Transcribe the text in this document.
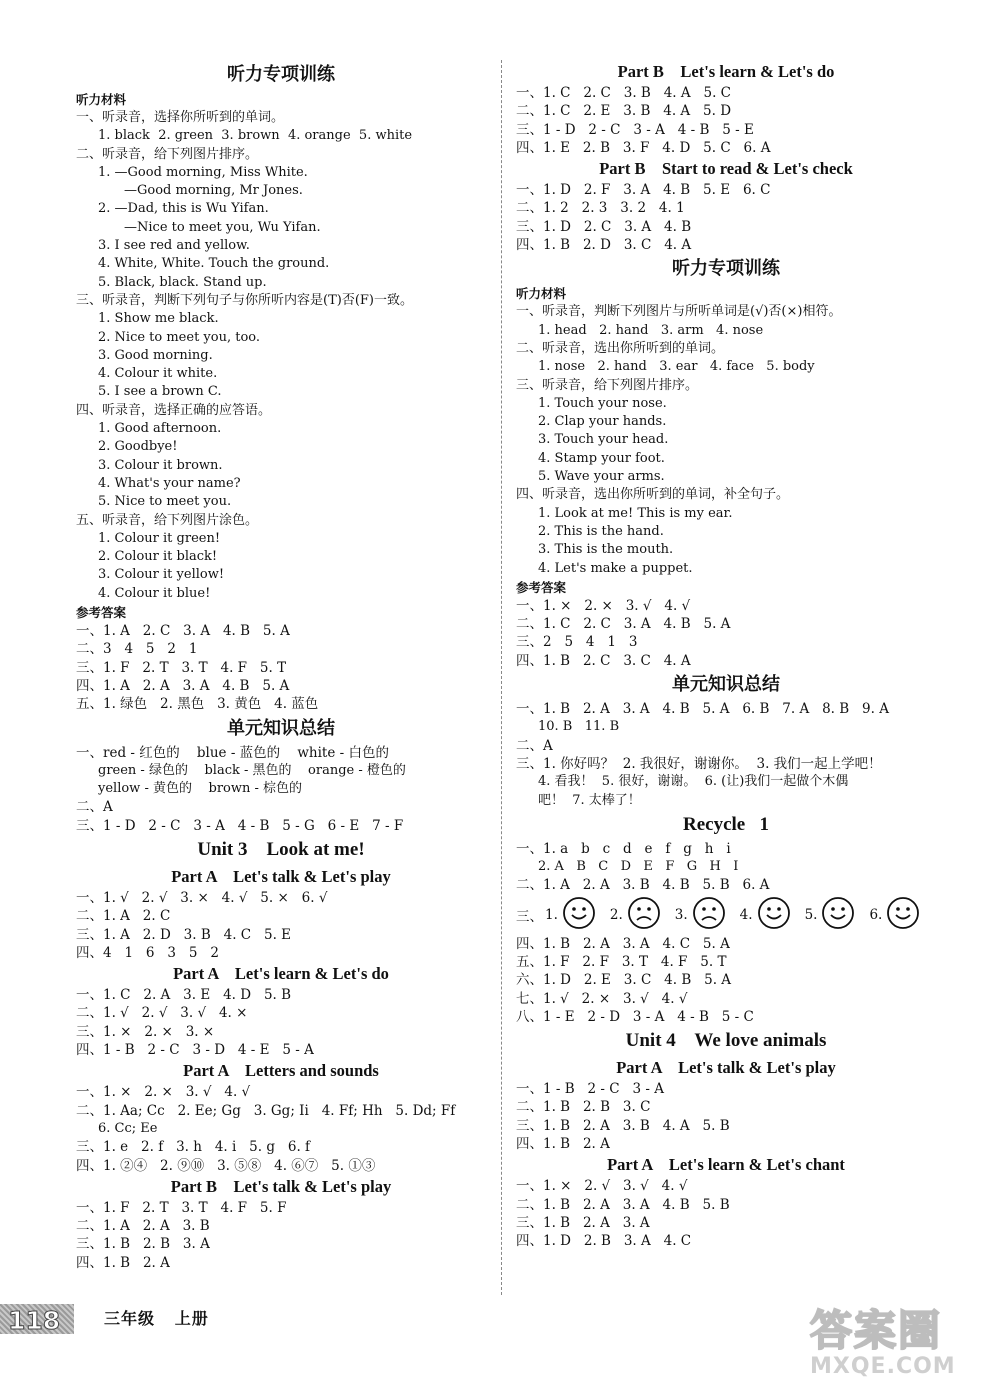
听力专项训练
听力材料
一、听录音，选择你所听到的单词。
1. black  2. green  3. brown  4. orange  5. white
二、听录音，给下列图片排序。
1. —Good morning, Miss White.
—Good morning, Mr Jones.
2. —Dad, this is Wu Yifan.
—Nice to meet you, Wu Yifan.
3. I see red and yellow.
4. White, White. Touch the ground.
5. Black, black. Stand up.
三、听录音，判断下列句子与你所听内容是(T)否(F)一致。
1. Show me black.
2. Nice to meet you, too.
3. Good morning.
4. Colour it white.
5. I see a brown C.
四、听录音，选择正确的应答语。
1. Good afternoon.
2. Goodbye!
3. Colour it brown.
4. What's your name?
5. Nice to meet you.
五、听录音，给下列图片涂色。
1. Colour it green!
2. Colour it black!
3. Colour it yellow!
4. Colour it blue!
参考答案
一、1. A   2. C   3. A   4. B   5. A
二、3   4   5   2   1
三、1. F   2. T   3. T   4. F   5. T
四、1. A   2. A   3. A   4. B   5. A
五、1. 绿色   2. 黑色   3. 黄色   4. 蓝色
单元知识总结
一、red - 红色的    blue - 蓝色的    white - 白色的
green - 绿色的    black - 黑色的    orange - 橙色的
yellow - 黄色的    brown - 棕色的
二、A
三、1 - D   2 - C   3 - A   4 - B   5 - G   6 - E   7 - F
Unit 3    Look at me!
Part A    Let's talk & Let's play
一、1. √   2. √   3. ×   4. √   5. ×   6. √
二、1. A   2. C
三、1. A   2. D   3. B   4. C   5. E
四、4   1   6   3   5   2
Part A    Let's learn & Let's do
一、1. C   2. A   3. E   4. D   5. B
二、1. √   2. √   3. √   4. ×
三、1. ×   2. ×   3. ×
四、1 - B   2 - C   3 - D   4 - E   5 - A
Part A    Letters and sounds
一、1. ×   2. ×   3. √   4. √
二、1. Aa; Cc   2. Ee; Gg   3. Gg; Ii   4. Ff; Hh   5. Dd; Ff
6. Cc; Ee
三、1. e   2. f   3. h   4. i   5. g   6. f
四、1. ②④   2. ⑨⑩   3. ⑤⑧   4. ⑥⑦   5. ①③
Part B    Let's talk & Let's play
一、1. F   2. T   3. T   4. F   5. F
二、1. A   2. A   3. B
三、1. B   2. B   3. A
四、1. B   2. A
Part B    Let's learn & Let's do
一、1. C   2. C   3. B   4. A   5. C
二、1. C   2. E   3. B   4. A   5. D
三、1 - D   2 - C   3 - A   4 - B   5 - E
四、1. E   2. B   3. F   4. D   5. C   6. A
Part B    Start to read & Let's check
一、1. D   2. F   3. A   4. B   5. E   6. C
二、1. 2   2. 3   3. 2   4. 1
三、1. D   2. C   3. A   4. B
四、1. B   2. D   3. C   4. A
听力专项训练
听力材料
一、听录音，判断下列图片与所听单词是(√)否(×)相符。
1. head   2. hand   3. arm   4. nose
二、听录音，选出你所听到的单词。
1. nose   2. hand   3. ear   4. face   5. body
三、听录音，给下列图片排序。
1. Touch your nose.
2. Clap your hands.
3. Touch your head.
4. Stamp your foot.
5. Wave your arms.
四、听录音，选出你所听到的单词，补全句子。
1. Look at me! This is my ear.
2. This is the hand.
3. This is the mouth.
4. Let's make a puppet.
参考答案
一、1. ×   2. ×   3. √   4. √
二、1. C   2. C   3. A   4. B   5. A
三、2   5   4   1   3
四、1. B   2. C   3. C   4. A
单元知识总结
一、1. B   2. A   3. A   4. B   5. A   6. B   7. A   8. B   9. A
10. B   11. B
二、A
三、1. 你好吗？  2. 我很好，谢谢你。  3. 我们一起上学吧！
4. 看我！  5. 很好，谢谢。  6. (让)我们一起做个木偶
吧！  7. 太棒了！
Recycle   1
一、1. a   b   c   d   e   f   g   h   i
2. A   B   C   D   E   F   G   H   I
二、1. A   2. A   3. B   4. B   5. B   6. A
三、 1.	2.	3.	4.	5.	6.
四、1. B   2. A   3. A   4. C   5. A
五、1. F   2. F   3. T   4. F   5. T
六、1. D   2. E   3. C   4. B   5. A
七、1. √   2. ×   3. √   4. √
八、1 - E   2 - D   3 - A   4 - B   5 - C
Unit 4    We love animals
Part A    Let's talk & Let's play
一、1 - B   2 - C   3 - A
二、1. B   2. B   3. C
三、1. B   2. A   3. B   4. A   5. B
四、1. B   2. A
Part A    Let's learn & Let's chant
一、1. ×   2. √   3. √   4. √
二、1. B   2. A   3. A   4. B   5. B
三、1. B   2. A   3. A
四、1. D   2. B   3. A   4. C
118	三年级   上册	答案圈
MXQE.COM
